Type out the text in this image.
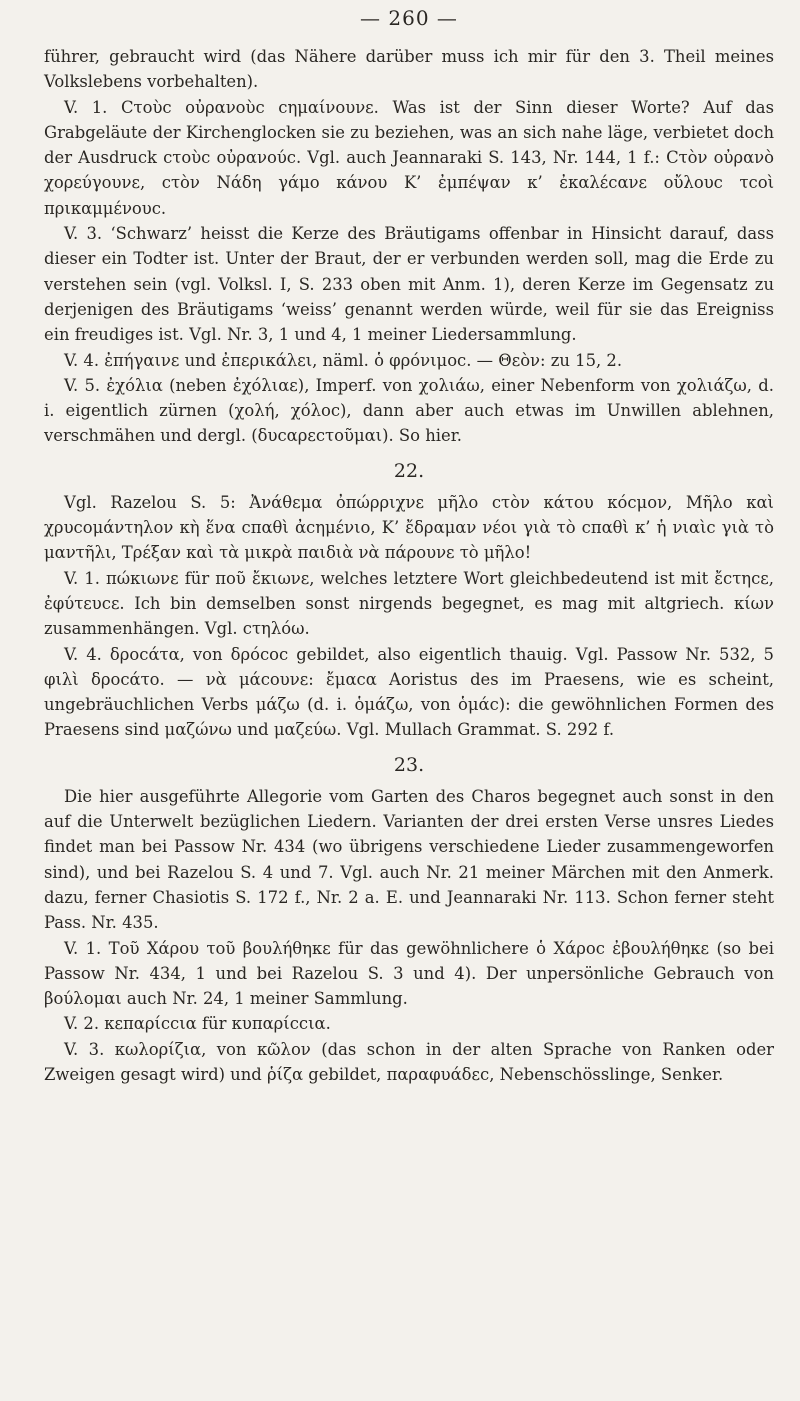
— 260 —

führer, gebraucht wird (das Nähere darüber muss ich mir für den 3. Theil meines Volkslebens vorbehalten).

V. 1. Cτοὺc οὐρανοὺc cημαίνουνε. Was ist der Sinn dieser Worte? Auf das Grabgeläute der Kirchenglocken sie zu beziehen, was an sich nahe läge, verbietet doch der Ausdruck cτοὺc οὐρανούc. Vgl. auch Jeannaraki S. 143, Nr. 144, 1 f.: Cτὸν οὐρανὸ χορεύγουνε, cτὸν Νάδη γάμο κάνου Κ’ ἐμπέψαν κ’ ἐκαλέcανε οὔλουc τcοὶ πρικαμμένουc.

V. 3. ‘Schwarz’ heisst die Kerze des Bräutigams offenbar in Hinsicht darauf, dass dieser ein Todter ist. Unter der Braut, der er verbunden werden soll, mag die Erde zu verstehen sein (vgl. Volksl. I, S. 233 oben mit Anm. 1), deren Kerze im Gegensatz zu derjenigen des Bräutigams ‘weiss’ genannt werden würde, weil für sie das Ereigniss ein freudiges ist. Vgl. Nr. 3, 1 und 4, 1 meiner Liedersammlung.

V. 4. ἐπήγαινε und ἐπερικάλει, näml. ὁ φρόνιμοc. — Θεὸν: zu 15, 2.

V. 5. ἐχόλια (neben ἐχόλιαε), Imperf. von χολιάω, einer Nebenform von χολιάζω, d. i. eigentlich zürnen (χολή, χόλοc), dann aber auch etwas im Unwillen ablehnen, verschmähen und dergl. (δυcαρεcτοῦμαι). So hier.

22.

Vgl. Razelou S. 5: Ἀνάθεμα ὀπώρριχνε μῆλο cτὸν κάτου κόcμον, Μῆλο καὶ χρυcομάντηλον κὴ ἕνα cπαθὶ ἀcημένιο, Κ’ ἔδραμαν νέοι γιὰ τὸ cπαθὶ κ’ ἡ νιαὶc γιὰ τὸ μαντῆλι, Τρέξαν καὶ τὰ μικρὰ παιδιὰ νὰ πάρουνε τὸ μῆλο!

V. 1. πώκιωνε für ποῦ ἔκιωνε, welches letztere Wort gleichbedeutend ist mit ἔcτηcε, ἐφύτευcε. Ich bin demselben sonst nirgends begegnet, es mag mit altgriech. κίων zusammenhängen. Vgl. cτηλόω.

V. 4. δροcάτα, von δρόcοc gebildet, also eigentlich thauig. Vgl. Passow Nr. 532, 5 φιλὶ δροcάτο. — νὰ μάcουνε: ἔμαcα Aoristus des im Praesens, wie es scheint, ungebräuchlichen Verbs μάζω (d. i. ὁμάζω, von ὁμάc): die gewöhnlichen Formen des Praesens sind μαζώνω und μαζεύω. Vgl. Mullach Grammat. S. 292 f.

23.

Die hier ausgeführte Allegorie vom Garten des Charos begegnet auch sonst in den auf die Unterwelt bezüglichen Liedern. Varianten der drei ersten Verse unsres Liedes findet man bei Passow Nr. 434 (wo übrigens verschiedene Lieder zusammengeworfen sind), und bei Razelou S. 4 und 7. Vgl. auch Nr. 21 meiner Märchen mit den Anmerk. dazu, ferner Chasiotis S. 172 f., Nr. 2 a. E. und Jeannaraki Nr. 113. Schon ferner steht Pass. Nr. 435.

V. 1. Τοῦ Χάρου τοῦ βουλήθηκε für das gewöhnlichere ὁ Χάροc ἐβουλήθηκε (so bei Passow Nr. 434, 1 und bei Razelou S. 3 und 4). Der unpersönliche Gebrauch von βούλομαι auch Nr. 24, 1 meiner Sammlung.

V. 2. κεπαρίccια für κυπαρίccια.

V. 3. κωλορίζια, von κῶλον (das schon in der alten Sprache von Ranken oder Zweigen gesagt wird) und ῥίζα gebildet, παραφυάδεc, Nebenschösslinge, Senker.
